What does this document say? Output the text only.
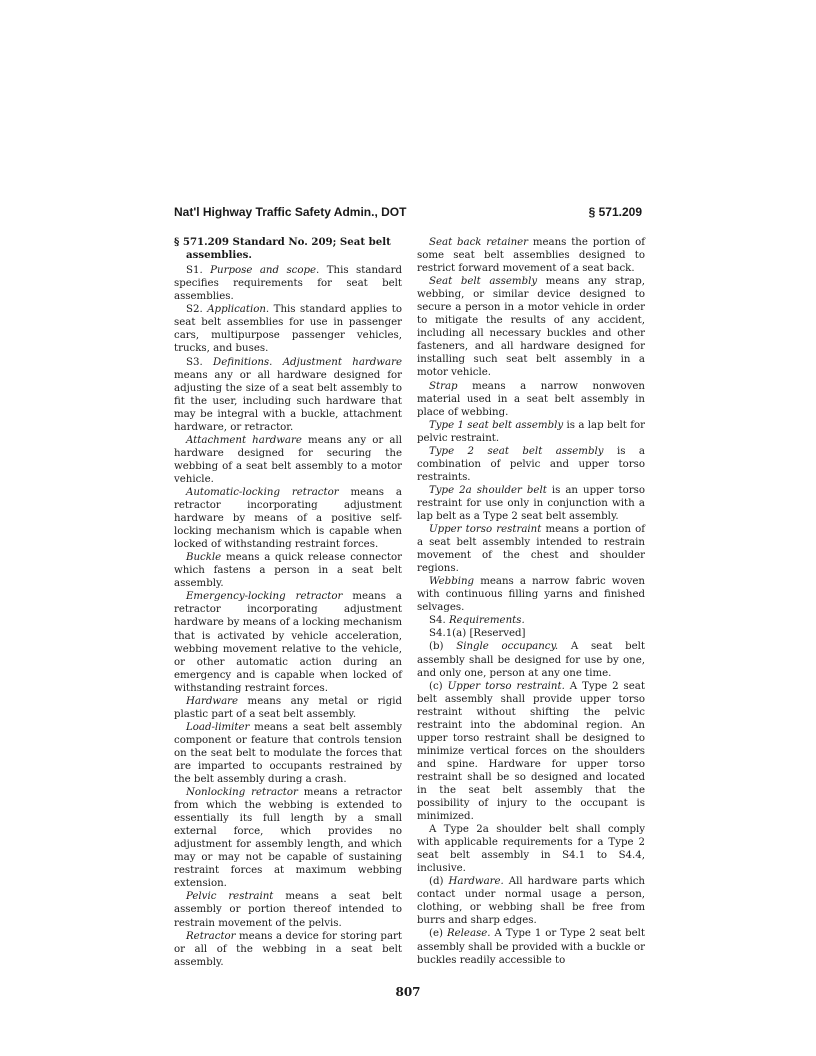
Nat'l Highway Traffic Safety Admin., DOT	§ 571.209
§ 571.209 Standard No. 209; Seat belt assemblies.

S1. Purpose and scope. This standard specifies requirements for seat belt assemblies.

S2. Application. This standard applies to seat belt assemblies for use in passenger cars, multipurpose passenger vehicles, trucks, and buses.

S3. Definitions. Adjustment hardware means any or all hardware designed for adjusting the size of a seat belt assembly to fit the user, including such hardware that may be integral with a buckle, attachment hardware, or retractor.

Attachment hardware means any or all hardware designed for securing the webbing of a seat belt assembly to a motor vehicle.

Automatic-locking retractor means a retractor incorporating adjustment hardware by means of a positive self-locking mechanism which is capable when locked of withstanding restraint forces.

Buckle means a quick release connector which fastens a person in a seat belt assembly.

Emergency-locking retractor means a retractor incorporating adjustment hardware by means of a locking mechanism that is activated by vehicle acceleration, webbing movement relative to the vehicle, or other automatic action during an emergency and is capable when locked of withstanding restraint forces.

Hardware means any metal or rigid plastic part of a seat belt assembly.

Load-limiter means a seat belt assembly component or feature that controls tension on the seat belt to modulate the forces that are imparted to occupants restrained by the belt assembly during a crash.

Nonlocking retractor means a retractor from which the webbing is extended to essentially its full length by a small external force, which provides no adjustment for assembly length, and which may or may not be capable of sustaining restraint forces at maximum webbing extension.

Pelvic restraint means a seat belt assembly or portion thereof intended to restrain movement of the pelvis.

Retractor means a device for storing part or all of the webbing in a seat belt assembly.

Seat back retainer means the portion of some seat belt assemblies designed to restrict forward movement of a seat back.

Seat belt assembly means any strap, webbing, or similar device designed to secure a person in a motor vehicle in order to mitigate the results of any accident, including all necessary buckles and other fasteners, and all hardware designed for installing such seat belt assembly in a motor vehicle.

Strap means a narrow nonwoven material used in a seat belt assembly in place of webbing.

Type 1 seat belt assembly is a lap belt for pelvic restraint.

Type 2 seat belt assembly is a combination of pelvic and upper torso restraints.

Type 2a shoulder belt is an upper torso restraint for use only in conjunction with a lap belt as a Type 2 seat belt assembly.

Upper torso restraint means a portion of a seat belt assembly intended to restrain movement of the chest and shoulder regions.

Webbing means a narrow fabric woven with continuous filling yarns and finished selvages.

S4. Requirements.

S4.1(a) [Reserved]

(b) Single occupancy. A seat belt assembly shall be designed for use by one, and only one, person at any one time.

(c) Upper torso restraint. A Type 2 seat belt assembly shall provide upper torso restraint without shifting the pelvic restraint into the abdominal region. An upper torso restraint shall be designed to minimize vertical forces on the shoulders and spine. Hardware for upper torso restraint shall be so designed and located in the seat belt assembly that the possibility of injury to the occupant is minimized.

A Type 2a shoulder belt shall comply with applicable requirements for a Type 2 seat belt assembly in S4.1 to S4.4, inclusive.

(d) Hardware. All hardware parts which contact under normal usage a person, clothing, or webbing shall be free from burrs and sharp edges.

(e) Release. A Type 1 or Type 2 seat belt assembly shall be provided with a buckle or buckles readily accessible to

807
